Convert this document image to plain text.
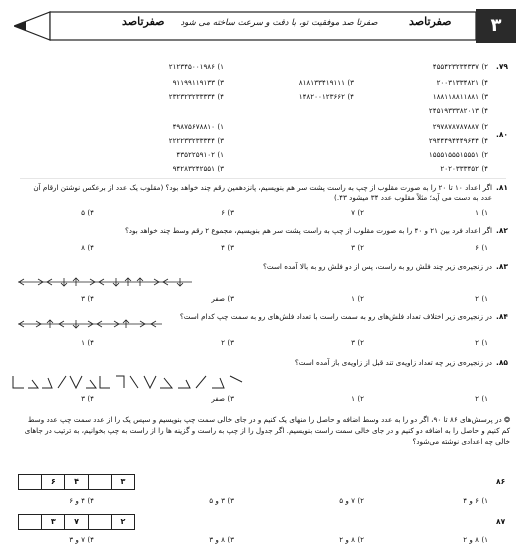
صفرتاصد	صفرتا صد موفقیت تو، با دقت و سرعت ساخته می شود	صفرتاصد	۳
.۷۹
۱) ۲۱۲۳۴۵۰۰۱۹۸۶	۲) ۴۵۵۴۲۳۲۳۴۳۳۷
۳) ۹۱۱۹۹۱۱۹۱۳۳	۴) ۲۰۰۳۱۳۳۴۸۲۱
۳) ۸۱۸۱۳۳۴۱۹۱۱۱
۴) ۲۳۲۳۲۳۲۳۳۳۳۴	۳) ۱۸۸۱۱۸۸۱۱۸۸۱
۴) ۱۴۸۲۰۰۱۲۳۶۶۲
۴) ۲۴۵۱۹۳۳۳۸۲۰۱۳
.۸۰
۱) ۴۹۸۷۵۶۷۸۸۱۰	۲) ۲۹۷۸۷۸۷۸۷۸۸۷
۳) ۲۲۲۲۳۳۲۳۳۳۴۴	۴) ۲۹۴۴۴۹۴۴۴۹۶۴۴
۱) ۴۳۵۲۲۵۹۱۰۲	۲) ۱۵۵۵۱۵۵۵۱۵۵۵۱
۳) ۹۴۲۸۳۲۴۲۵۵۱	۴) ۲۰۲۰۳۳۳۴۵۲
.۸۱
اگر اعداد ۱۰ تا ۲۰ را به صورت مقلوب از چپ به راست پشت سر هم بنویسیم، پانزدهمین رقم چند خواهد بود؟ (مقلوب یک عدد از برعکس نوشتن ارقام آن عدد به دست می آید؛ مثلاً مقلوب عدد ۳۴ میشود ۴۳.)
۱) ۱
۲) ۷
۳) ۶
۴) ۵
.۸۲
اگر اعداد فرد بین ۲۱ و ۴۰ را به صورت مقلوب از چپ به راست پشت سر هم بنویسیم، مجموع ۲ رقم وسط چند خواهد بود؟
۱) ۶
۲) ۳
۳) ۴
۴) ۸
.۸۳
در زنجیره‌ی زیر چند فلش رو به راست، پس از دو فلش رو به بالا آمده است؟
۱) ۲
۲) ۱
۳) صفر
۴) ۳
.۸۴
در زنجیره‌ی زیر اختلاف تعداد فلش‌های رو به سمت راست با تعداد فلش‌های رو به سمت چپ کدام است؟
۱) ۲
۲) ۳
۳) ۲
۴) ۱
.۸۵
در زنجیره‌ی زیر چه تعداد زاویه‌ی تند قبل از زاویه‌ی باز آمده است؟
۱) ۲
۲) ۱
۳) صفر
۴) ۳
❂ در پرسش‌های ۸۶ تا ۹۰، اگر دو را به عدد وسط اضافه و حاصل را منهای یک کنیم و در جای خالی سمت چپ بنویسیم و سپس یک را از عدد سمت چپ عدد وسط کم کنیم و حاصل را به اضافه دو کنیم و در جای خالی سمت راست بنویسیم. اگر جدول را از چپ به راست و گزینه ها را از راست به چپ بخوانیم، به ترتیب در جاهای خالی چه اعدادی نوشته می‌شود؟
۸۶
۶	۴	۳
۱) ۶ و ۴
۲) ۷ و ۵
۳) ۳ و ۵
۴) ۴ و ۶
۸۷
۳	۷	۲
۱) ۸ و ۲
۲) ۸ و ۲
۳) ۸ و ۳
۴) ۷ و ۳
